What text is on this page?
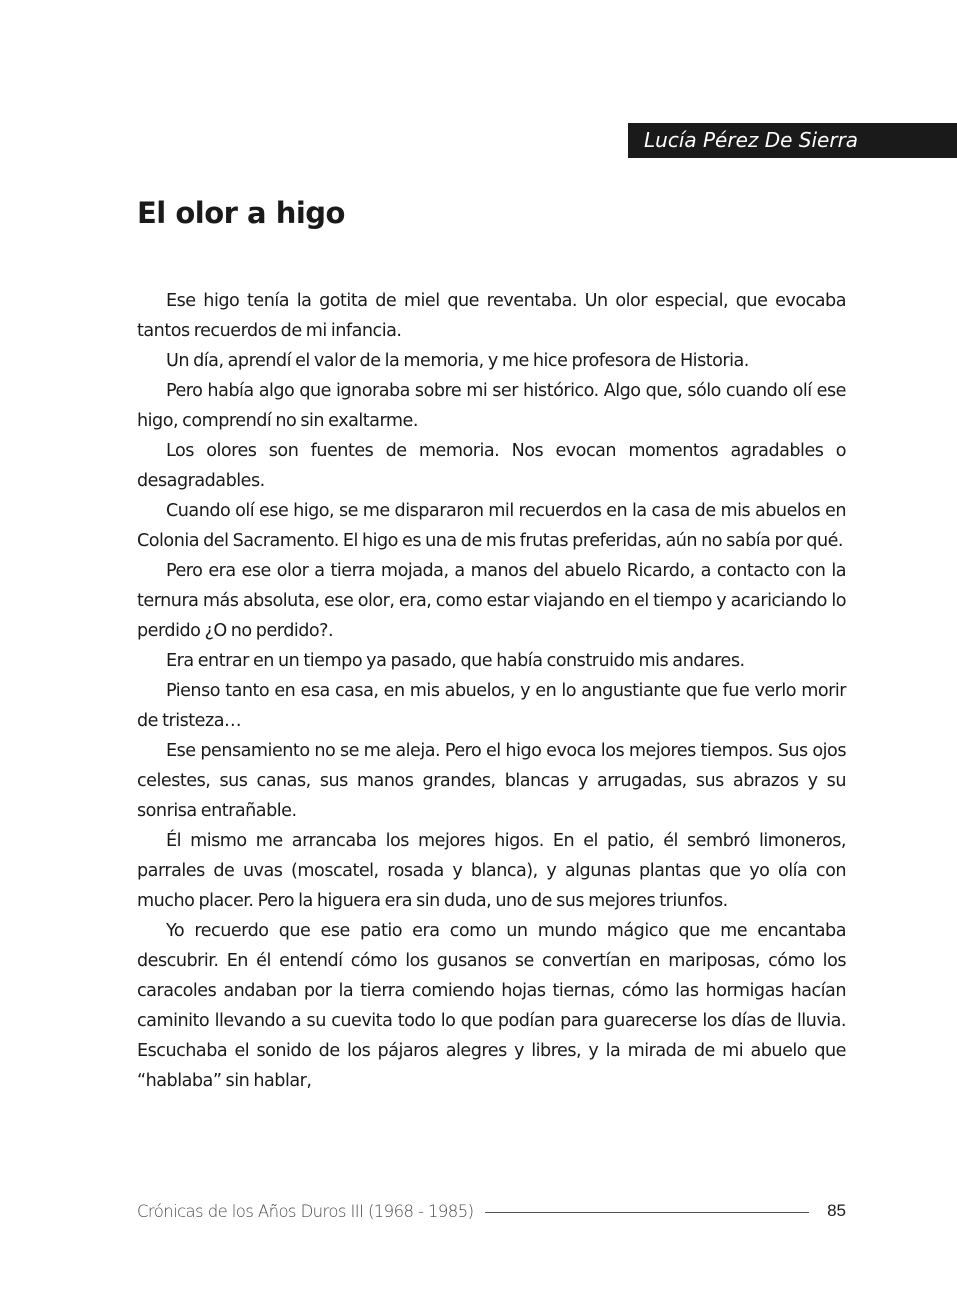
Lucía Pérez De Sierra
El olor a higo

Ese higo tenía la gotita de miel que reventaba. Un olor especial, que evocaba tantos recuerdos de mi infancia.

Un día, aprendí el valor de la memoria, y me hice profesora de Historia.

Pero había algo que ignoraba sobre mi ser histórico. Algo que, sólo cuando olí ese higo, comprendí no sin exaltarme.

Los olores son fuentes de memoria. Nos evocan momentos agradables o desagradables.

Cuando olí ese higo, se me dispararon mil recuerdos en la casa de mis abuelos en Colonia del Sacramento. El higo es una de mis frutas preferidas, aún no sabía por qué.

Pero era ese olor a tierra mojada, a manos del abuelo Ricardo, a contacto con la ternura más absoluta, ese olor, era, como estar viajando en el tiempo y acariciando lo perdido ¿O no perdido?.

Era entrar en un tiempo ya pasado, que había construido mis andares.

Pienso tanto en esa casa, en mis abuelos, y en lo angustiante que fue verlo morir de tristeza…

Ese pensamiento no se me aleja. Pero el higo evoca los mejores tiempos. Sus ojos celestes, sus canas, sus manos grandes, blancas y arrugadas, sus abrazos y su sonrisa entrañable.

Él mismo me arrancaba los mejores higos. En el patio, él sembró limoneros, parrales de uvas (moscatel, rosada y blanca), y algunas plantas que yo olía con mucho placer. Pero la higuera era sin duda, uno de sus mejores triunfos.

Yo recuerdo que ese patio era como un mundo mágico que me encantaba descubrir. En él entendí cómo los gusanos se convertían en mariposas, cómo los caracoles andaban por la tierra comiendo hojas tiernas, cómo las hormigas hacían caminito llevando a su cuevita todo lo que podían para guarecerse los días de lluvia. Escuchaba el sonido de los pájaros alegres y libres, y la mirada de mi abuelo que “hablaba” sin hablar,

Crónicas de los Años Duros III (1968 - 1985)	85
